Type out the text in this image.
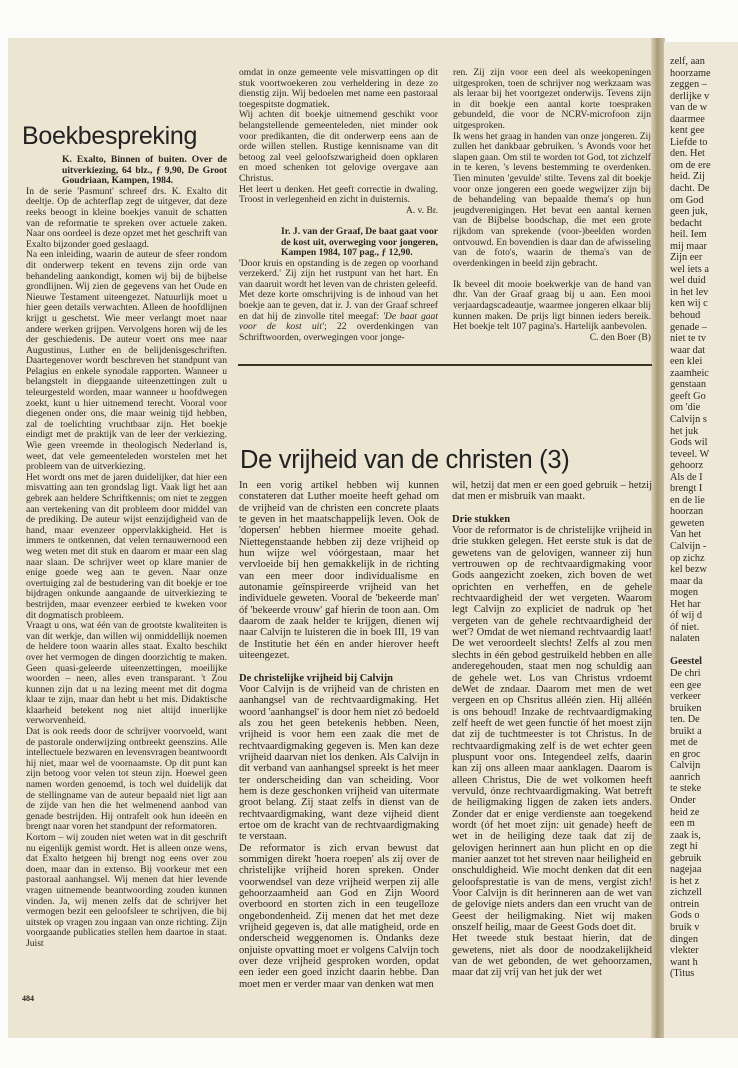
Boekbespreking

K. Exalto, Binnen of buiten. Over de uitverkiezing, 64 blz., ƒ 9,90, De Groot Goudriaan, Kampen, 1984.

In de serie 'Pasmunt' schreef drs. K. Exalto dit deeltje. Op de achterflap zegt de uitgever, dat deze reeks beoogt in kleine boekjes vanuit de schatten van de reformatie te spreken over actuele zaken. Naar ons oordeel is deze opzet met het geschrift van Exalto bijzonder goed geslaagd.

Na een inleiding, waarin de auteur de sfeer rondom dit onderwerp tekent en tevens zijn orde van behandeling aankondigt, komen wij bij de bijbelse grondlijnen. Wij zien de gegevens van het Oude en Nieuwe Testament uiteengezet. Natuurlijk moet u hier geen details verwachten. Alleen de hoofdlijnen krijgt u geschetst. Wie meer verlangt moet naar andere werken grijpen. Vervolgens horen wij de les der geschiedenis. De auteur voert ons mee naar Augustinus, Luther en de belijdenisgeschriften. Daartegenover wordt beschreven het standpunt van Pelagius en enkele synodale rapporten. Wanneer u belangstelt in diepgaande uiteenzettingen zult u teleurgesteld worden, maar wanneer u hoofdwegen zoekt, kunt u hier uitnemend terecht. Vooral voor diegenen onder ons, die maar weinig tijd hebben, zal de toelichting vruchtbaar zijn. Het boekje eindigt met de praktijk van de leer der verkiezing. Wie geen vreemde in theologisch Nederland is, weet, dat vele gemeenteleden worstelen met het probleem van de uitverkiezing.

Het wordt ons met de jaren duidelijker, dat hier een misvatting aan ten grondslag ligt. Vaak ligt het aan gebrek aan heldere Schriftkennis; om niet te zeggen aan vertekening van dit probleem door middel van de prediking. De auteur wijst eenzijdigheid van de hand, maar evenzeer oppervlakkigheid. Het is immers te ontkennen, dat velen ternauwernood een weg weten met dit stuk en daarom er maar een slag naar slaan. De schrijver weet op klare manier de enige goede weg aan te geven. Naar onze overtuiging zal de bestudering van dit boekje er toe bijdragen onkunde aangaande de uitverkiezing te bestrijden, maar evenzeer eerbied te kweken voor dit dogmatisch probleem.

Vraagt u ons, wat één van de grootste kwaliteiten is van dit werkje, dan willen wij onmiddellijk noemen de heldere toon waarin alles staat. Exalto beschikt over het vermogen de dingen doorzichtig te maken. Geen quasi-geleerde uiteenzettingen, moeilijke woorden – neen, alles even transparant. 't Zou kunnen zijn dat u na lezing meent met dit dogma klaar te zijn, maar dan hebt u het mis. Didaktische klaarheid betekent nog niet altijd innerlijke verworvenheid.

Dat is ook reeds door de schrijver voorvoeld, want de pastorale onderwijzing ontbreekt geenszins. Alle intellectuele bezwaren en levensvragen beantwoordt hij niet, maar wel de voornaamste. Op dit punt kan zijn betoog voor velen tot steun zijn. Hoewel geen namen worden genoemd, is toch wel duidelijk dat de stellingname van de auteur bepaald niet ligt aan de zijde van hen die het welmenend aanbod van genade bestrijden. Hij ontrafelt ook hun ideeën en brengt naar voren het standpunt der reformatoren.

Kortom – wij zouden niet weten wat in dit geschrift nu eigenlijk gemist wordt. Het is alleen onze wens, dat Exalto hetgeen hij brengt nog eens over zou doen, maar dan in extenso. Bij voorkeur met een pastoraal aanhangsel. Wij menen dat hier levende vragen uitnemende beantwoording zouden kunnen vinden. Ja, wij menen zelfs dat de schrijver het vermogen bezit een geloofsleer te schrijven, die bij uitstek op vragen zou ingaan van onze richting. Zijn voorgaande publicaties stellen hem daartoe in staat. Juist

484

omdat in onze gemeente vele misvattingen op dit stuk voortwoekeren zou verheldering in deze zo dienstig zijn. Wij bedoelen met name een pastoraal toegespitste dogmatiek.

Wij achten dit boekje uitnemend geschikt voor belangstellende gemeenteleden, niet minder ook voor predikanten, die dit onderwerp eens aan de orde willen stellen. Rustige kennisname van dit betoog zal veel geloofszwarigheid doen opklaren en moed schenken tot gelovige overgave aan Christus.

Het leert u denken. Het geeft correctie in dwaling. Troost in verlegenheid en zicht in duisternis.

A. v. Br.

Ir. J. van der Graaf, De baat gaat voor de kost uit, overweging voor jongeren, Kampen 1984, 107 pag., ƒ 12,90.

'Door kruis en opstanding is de zegen op voorhand verzekerd.' Zij zijn het rustpunt van het hart. En van daaruit wordt het leven van de christen geleefd.

Met deze korte omschrijving is de inhoud van het boekje aan te geven, dat ir. J. van der Graaf schreef en dat hij de zinvolle titel meegaf: 'De baat gaat voor de kost uit'; 22 overdenkingen van Schriftwoorden, overwegingen voor jonge-

ren. Zij zijn voor een deel als weekopeningen uitgesproken, toen de schrijver nog werkzaam was als leraar bij het voortgezet onderwijs. Tevens zijn in dit boekje een aantal korte toespraken gebundeld, die voor de NCRV-microfoon zijn uitgesproken.

Ik wens het graag in handen van onze jongeren. Zij zullen het dankbaar gebruiken. 's Avonds voor het slapen gaan. Om stil te worden tot God, tot zichzelf in te keren, 's levens bestemming te overdenken. Tien minuten 'gevulde' stilte. Tevens zal dit boekje voor onze jongeren een goede wegwijzer zijn bij de behandeling van bepaalde thema's op hun jeugdverenigingen. Het bevat een aantal kernen van de Bijbelse boodschap, die met een grote rijkdom van sprekende (voor-)beelden worden ontvouwd. En bovendien is daar dan de afwisseling van de foto's, waarin de thema's van de overdenkingen in beeld zijn gebracht.

Ik beveel dit mooie boekwerkje van de hand van dhr. Van der Graaf graag bij u aan. Een mooi verjaardagscadeautje, waarmee jongeren elkaar blij kunnen maken. De prijs ligt binnen ieders bereik. Het boekje telt 107 pagina's. Hartelijk aanbevolen.

C. den Boer (B)

De vrijheid van de christen (3)

In een vorig artikel hebben wij kunnen constateren dat Luther moeite heeft gehad om de vrijheid van de christen een concrete plaats te geven in het maatschappelijk leven. Ook de 'dopersen' hebben hiermee moeite gehad. Niettegenstaande hebben zij deze vrijheid op hun wijze wel vóórgestaan, maar het vervloeide bij hen gemakkelijk in de richting van een meer door individualisme en autonamie geïnspireerde vrijheid van het individuele geweten. Vooral de 'bekeerde man' óf 'bekeerde vrouw' gaf hierin de toon aan. Om daarom de zaak helder te krijgen, dienen wij naar Calvijn te luisteren die in boek III, 19 van de Institutie het één en ander hierover heeft uiteengezet.

De christelijke vrijheid bij Calvijn

Voor Calvijn is de vrijheid van de christen en aanhangsel van de rechtvaardigmaking. Het woord 'aanhangsel' is door hem niet zó bedoeld als zou het geen betekenis hebben. Neen, vrijheid is voor hem een zaak die met de rechtvaardigmaking gegeven is. Men kan deze vrijheid daarvan niet los denken. Als Calvijn in dit verband van aanhangsel spreekt is het meer ter onderscheiding dan van scheiding. Voor hem is deze geschonken vrijheid van uitermate groot belang. Zij staat zelfs in dienst van de rechtvaardigmaking, want deze vijheid dient ertoe om de kracht van de rechtvaardigmaking te verstaan.

De reformator is zich ervan bewust dat sommigen direkt 'hoera roepen' als zij over de christelijke vrijheid horen spreken. Onder voorwendsel van deze vrijheid werpen zij alle gehoorzaamheid aan God en Zijn Woord overboord en storten zich in een teugelloze ongebondenheid. Zij menen dat het met deze vrijheid gegeven is, dat alle matigheid, orde en onderscheid weggenomen is. Ondanks deze onjuiste opvatting moet er volgens Calvijn toch over deze vrijheid gesproken worden, opdat een ieder een goed inzicht daarin hebbe. Dan moet men er verder maar van denken wat men

wil, hetzij dat men er een goed gebruik – hetzij dat men er misbruik van maakt.

Drie stukken

Voor de reformator is de christelijke vrijheid in drie stukken gelegen. Het eerste stuk is dat de gewetens van de gelovigen, wanneer zij hun vertrouwen op de rechtvaardigmaking voor Gods aangezicht zoeken, zich boven de wet oprichten en verheffen, en de gehele rechtvaardigheid der wet vergeten. Waarom legt Calvijn zo expliciet de nadruk op 'het vergeten van de gehele rechtvaardigheid der wet'? Omdat de wet niemand rechtvaardig laat! De wet veroordeelt slechts! Zelfs al zou men slechts in één gebod gestruikeld hebben en alle anderegehouden, staat men nog schuldig aan de gehele wet. Los van Christus vrdoemt deWet de zndaar. Daarom met men de wet vergeen en op Chsritus alléén zien. Hij alléén is ons behoud! Inzake de rechtvaardigmaking zelf heeft de wet geen functie óf het moest zijn dat zij de tuchtmeester is tot Christus. In de rechtvaardigmaking zelf is de wet echter geen pluspunt voor ons. Integendeel zelfs, daarin kan zij ons alleen maar aanklagen. Daarom is alleen Christus, Die de wet volkomen heeft vervuld, ónze rechtvaardigmaking. Wat betreft de heiligmaking liggen de zaken iets anders. Zonder dat er enige verdienste aan toegekend wordt (óf het moet zijn: uit genade) heeft de wet in de heiliging deze taak dat zij de gelovigen herinnert aan hun plicht en op die manier aanzet tot het streven naar heiligheid en onschuldigheid. Wie mocht denken dat dit een geloofsprestatie is van de mens, vergist zich! Voor Calvijn is dit herinneren aan de wet van de gelovige niets anders dan een vrucht van de Geest der heiligmaking. Niet wij maken onszelf heilig, maar de Geest Gods doet dit.

Het tweede stuk bestaat hierin, dat de gewetens, niet als door de noodzakelijkheid van de wet gebonden, de wet gehoorzamen, maar dat zij vrij van het juk der wet

zelf, aan
hoorzame
zeggen –
derlijke v
van de w
daarmee
kent gee
Liefde to
den. Het
om de ere
heid. Zij
dacht. De
om God
geen juk,
bedacht
heil. Iem
mij maar
Zijn eer
wel iets a
wel duid
in het lev
ken wij c
behoud
genade –
niet te tv
waar dat
een klei
zaamheic
genstaan
geeft Go
om 'die
Calvijn s
het juk
Gods wil
teveel. W
gehoorz
Als de I
brengt I
en de lie
hoorzan
geweten
Van het
Calvijn -
op zichz
kel bezw
maar da
mogen
Het har
óf wij d
óf niet.
nalaten

Geestel
De chri
een gee
verkeer
bruiken
ten. De
bruikt a
met de
en groc
Calvijn
aanrich
te steke
Onder
heid ze
een m
zaak is,
zegt hi
gebruik
nagejaa
is het z
zichzell
ontrein
Gods o
bruik v
dingen
vlekter
want h
(Titus
